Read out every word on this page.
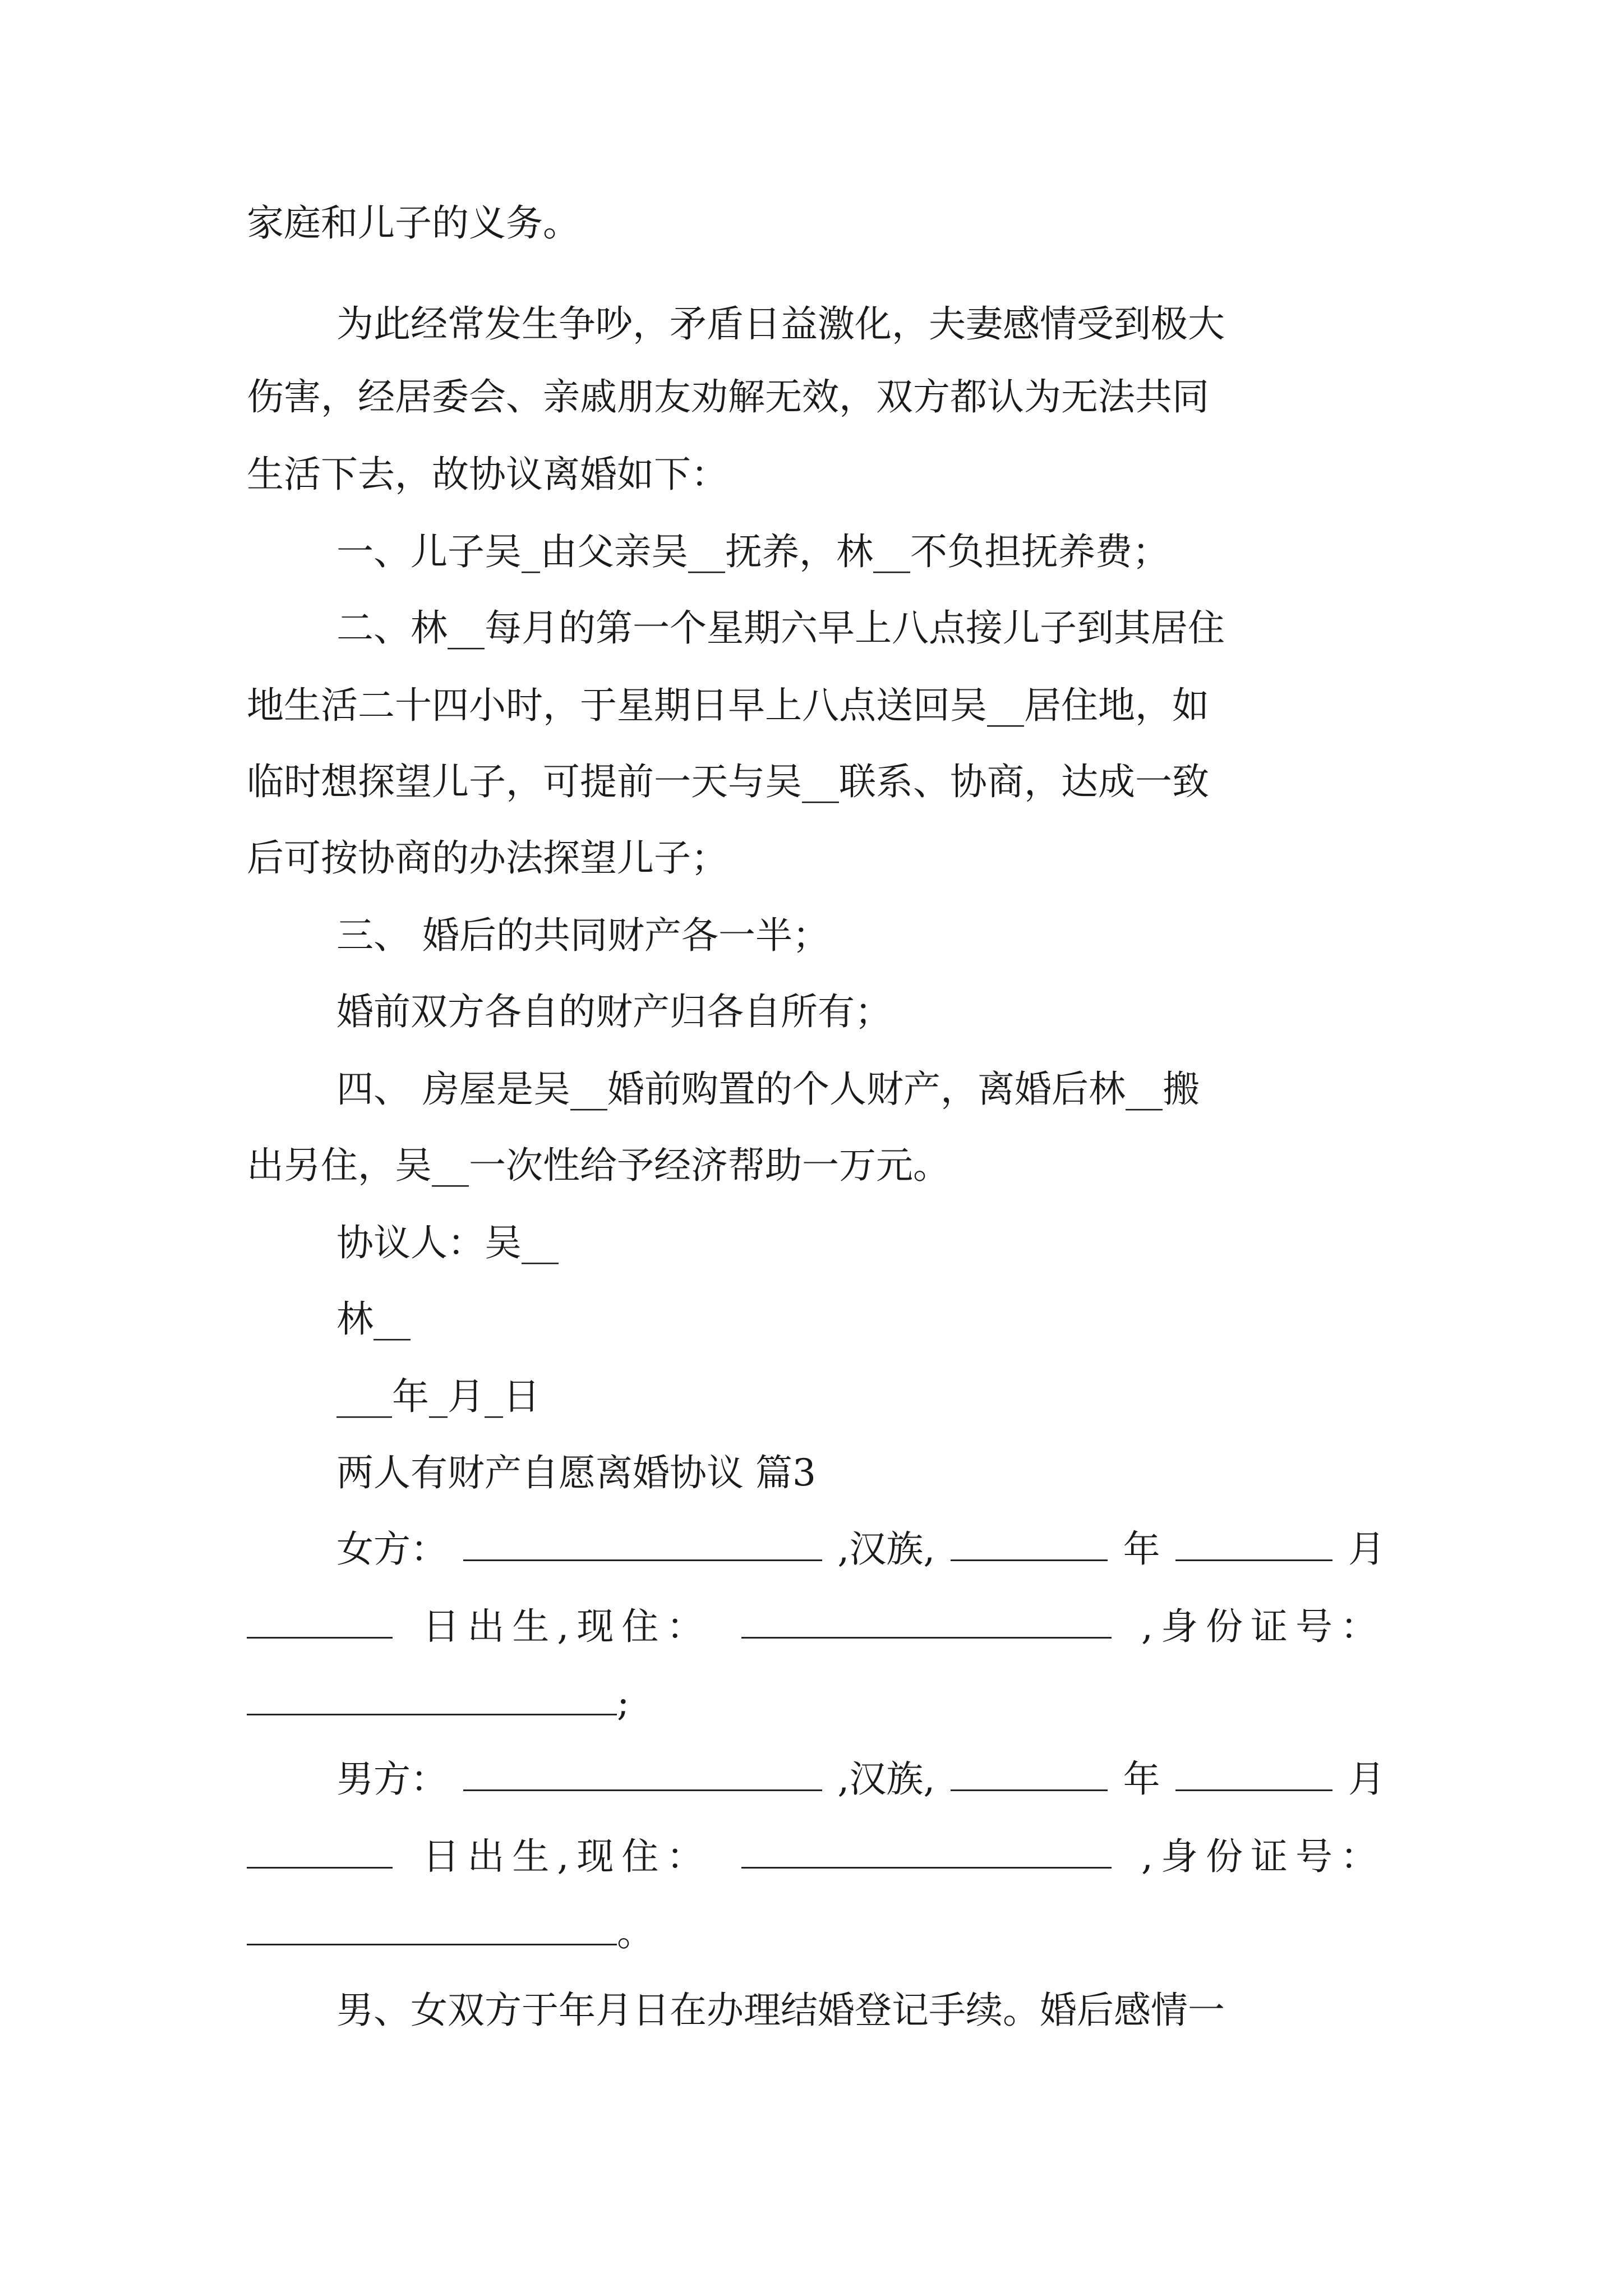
家庭和儿子的义务。
为此经常发生争吵，矛盾日益激化，夫妻感情受到极大
伤害，经居委会、亲戚朋友劝解无效，双方都认为无法共同
生活下去，故协议离婚如下：
一、儿子吴_由父亲吴__抚养，林__不负担抚养费；
二、林__每月的第一个星期六早上八点接儿子到其居住
地生活二十四小时，于星期日早上八点送回吴__居住地，如
临时想探望儿子，可提前一天与吴__联系、协商，达成一致
后可按协商的办法探望儿子；
三、 婚后的共同财产各一半；
婚前双方各自的财产归各自所有；
四、 房屋是吴__婚前购置的个人财产，离婚后林__搬
出另住，吴__一次性给予经济帮助一万元。
协议人：吴__
林__
___年_月_日
两人有财产自愿离婚协议 篇3
女方：	,汉族,	年	月
日出生,现住：	,身份证号：
;
男方：	,汉族,	年	月
日出生,现住：	,身份证号：
。
男、女双方于年月日在办理结婚登记手续。婚后感情一
